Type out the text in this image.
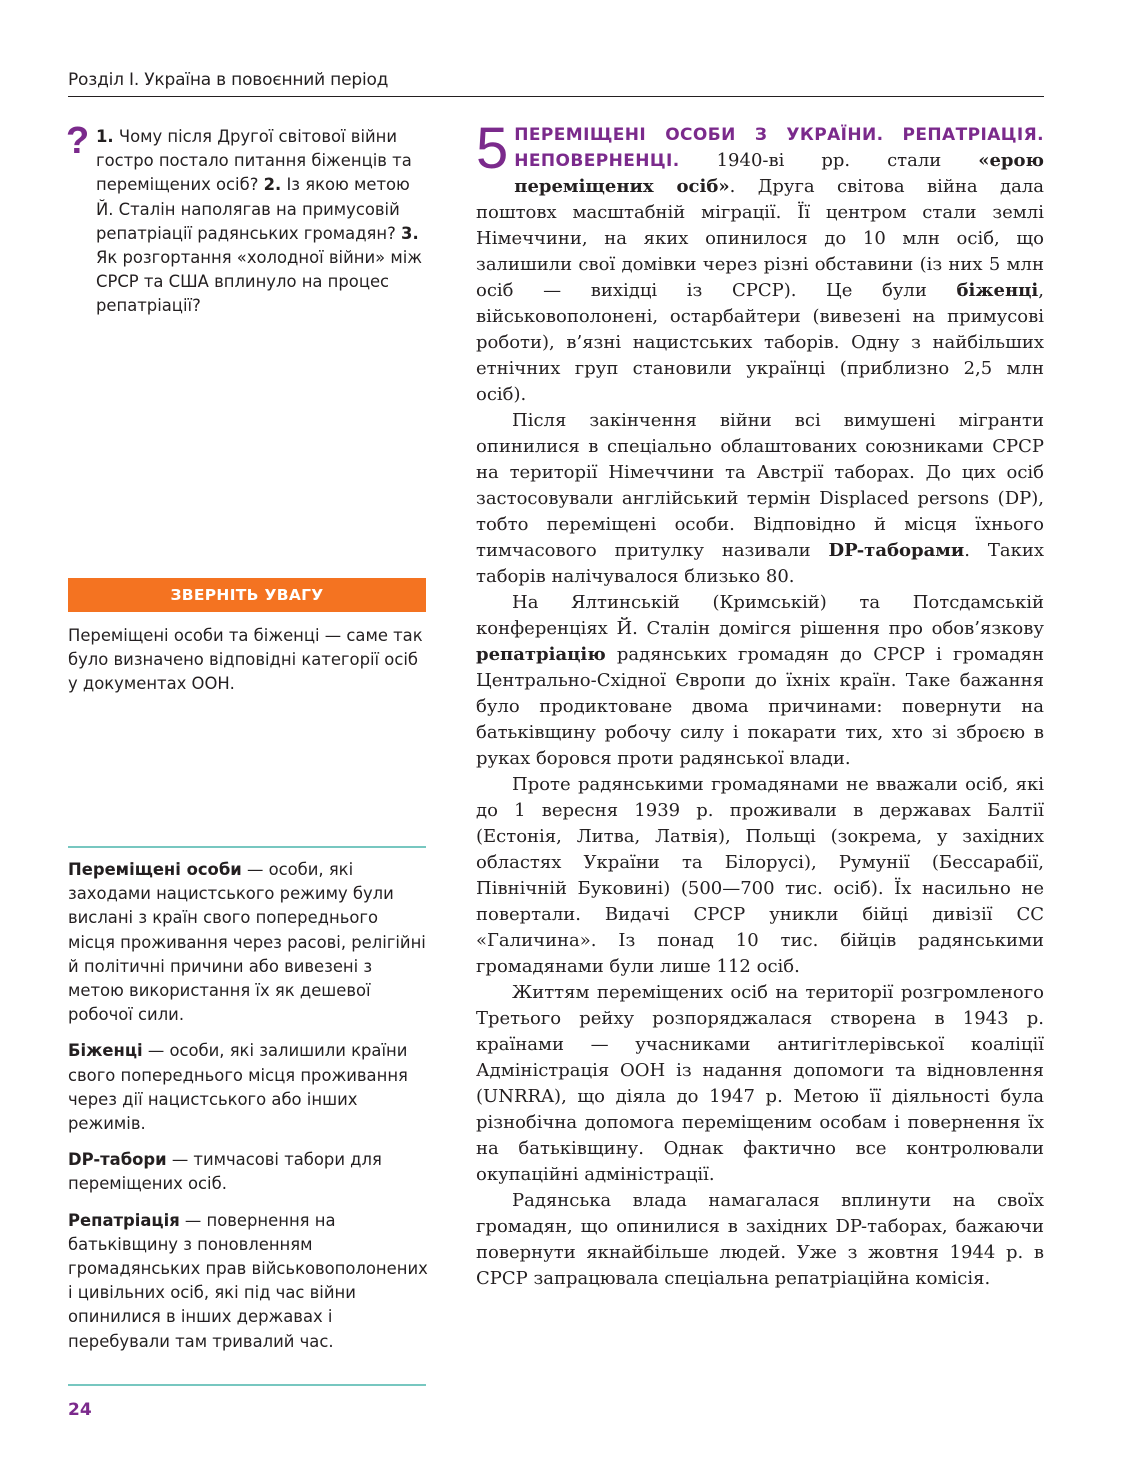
Розділ І. Україна в повоєнний період
? 1. Чому після Другої світової війни гостро постало питання біженців та переміщених осіб? 2. Із якою метою Й. Сталін наполягав на примусовій репатріації радянських громадян? 3. Як розгортання «холодної війни» між СРСР та США вплинуло на процес репатріації?
ЗВЕРНІТЬ УВАГУ
Переміщені особи та біженці — саме так було визначено відповідні категорії осіб у документах ООН.

Переміщені особи — особи, які заходами нацистського режиму були вислані з країн свого попереднього місця проживання через расові, релігійні й політичні причини або вивезені з метою використання їх як дешевої робочої сили.

Біженці — особи, які залишили країни свого попереднього місця проживання через дії нацистського або інших режимів.

DP-табори — тимчасові табори для переміщених осіб.

Репатріація — повернення на батьківщину з поновленням громадянських прав військовополонених і цивільних осіб, які під час війни опинилися в інших державах і перебували там тривалий час.

24

5 ПЕРЕМІЩЕНІ ОСОБИ З УКРАЇНИ. РЕПАТРІАЦІЯ. НЕПОВЕРНЕНЦІ. 1940-ві рр. стали «ерою переміщених осіб». Друга світова війна дала поштовх масштабній міграції. Її центром стали землі Німеччини, на яких опинилося до 10 млн осіб, що залишили свої домівки через різні обставини (із них 5 млн осіб — вихідці із СРСР). Це були біженці, військовополонені, остарбайтери (вивезені на примусові роботи), в’язні нацистських таборів. Одну з найбільших етнічних груп становили українці (приблизно 2,5 млн осіб).

Після закінчення війни всі вимушені мігранти опинилися в спеціально облаштованих союзниками СРСР на території Німеччини та Австрії таборах. До цих осіб застосовували англійський термін Displaced persons (DP), тобто переміщені особи. Відповідно й місця їхнього тимчасового притулку називали DP-таборами. Таких таборів налічувалося близько 80.

На Ялтинській (Кримській) та Потсдамській конференціях Й. Сталін домігся рішення про обов’язкову репатріацію радянських громадян до СРСР і громадян Центрально-Східної Європи до їхніх країн. Таке бажання було продиктоване двома причинами: повернути на батьківщину робочу силу і покарати тих, хто зі зброєю в руках боровся проти радянської влади.

Проте радянськими громадянами не вважали осіб, які до 1 вересня 1939 р. проживали в державах Балтії (Естонія, Литва, Латвія), Польщі (зокрема, у західних областях України та Білорусі), Румунії (Бессарабії, Північній Буковині) (500—700 тис. осіб). Їх насильно не повертали. Видачі СРСР уникли бійці дивізії СС «Галичина». Із понад 10 тис. бійців радянськими громадянами були лише 112 осіб.

Життям переміщених осіб на території розгромленого Третього рейху розпоряджалася створена в 1943 р. країнами — учасниками антигітлерівської коаліції Адміністрація ООН із надання допомоги та відновлення (UNRRA), що діяла до 1947 р. Метою її діяльності була різнобічна допомога переміщеним особам і повернення їх на батьківщину. Однак фактично все контролювали окупаційні адміністрації.

Радянська влада намагалася вплинути на своїх громадян, що опинилися в західних DP-таборах, бажаючи повернути якнайбільше людей. Уже з жовтня 1944 р. в СРСР запрацювала спеціальна репатріаційна комісія.
